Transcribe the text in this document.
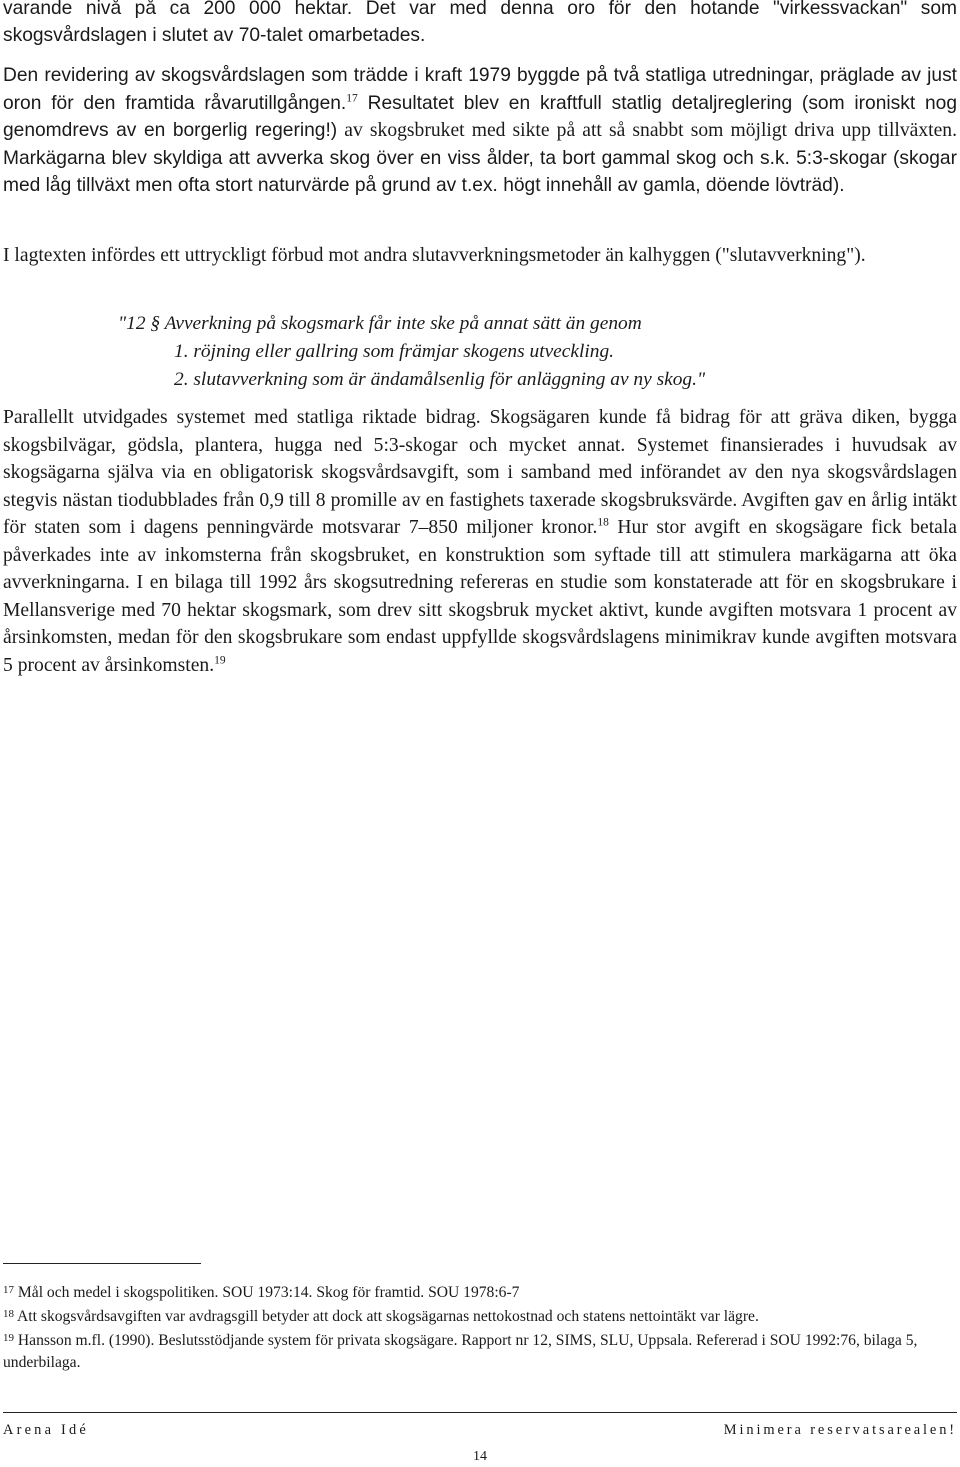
varande nivå på ca 200 000 hektar. Det var med denna oro för den hotande "virkessvackan" som skogsvårdslagen i slutet av 70-talet omarbetades.

Den revidering av skogsvårdslagen som trädde i kraft 1979 byggde på två statliga utredningar, präglade av just oron för den framtida råvarutillgången.$^{17}$ Resultatet blev en kraftfull statlig detaljreglering (som ironiskt nog genomdrevs av en borgerlig regering!) av skogsbruket med sikte på att så snabbt som möjligt driva upp tillväxten. Markägarna blev skyldiga att avverka skog över en viss ålder, ta bort gammal skog och s.k. 5:3-skogar (skogar med låg tillväxt men ofta stort naturvärde på grund av t.ex. högt innehåll av gamla, döende lövträd).

I lagtexten infördes ett uttryckligt förbud mot andra slutavverkningsmetoder än kalhyggen ("slutavverkning").

"12 § Avverkning på skogsmark får inte ske på annat sätt än genom

1. röjning eller gallring som främjar skogens utveckling.
2. slutavverkning som är ändamålsenlig för anläggning av ny skog."

Parallellt utvidgades systemet med statliga riktade bidrag. Skogsägaren kunde få bidrag för att gräva diken, bygga skogsbilvägar, gödsla, plantera, hugga ned 5:3-skogar och mycket annat. Systemet finansierades i huvudsak av skogsägarna själva via en obligatorisk skogsvårdsavgift, som i samband med införandet av den nya skogsvårdslagen stegvis nästan tiodubblades från 0,9 till 8 promille av en fastighets taxerade skogsbruksvärde. Avgiften gav en årlig intäkt för staten som i dagens penningvärde motsvarar 7–850 miljoner kronor.$^{18}$ Hur stor avgift en skogsägare fick betala påverkades inte av inkomsterna från skogsbruket, en konstruktion som syftade till att stimulera markägarna att öka avverkningarna. I en bilaga till 1992 års skogsutredning refereras en studie som konstaterade att för en skogsbrukare i Mellansverige med 70 hektar skogsmark, som drev sitt skogsbruk mycket aktivt, kunde avgiften motsvara 1 procent av årsinkomsten, medan för den skogsbrukare som endast uppfyllde skogsvårdslagens minimikrav kunde avgiften motsvara 5 procent av årsinkomsten.$^{19}$

$^{17}$ Mål och medel i skogspolitiken. SOU 1973:14. Skog för framtid. SOU 1978:6-7

$^{18}$ Att skogsvårdsavgiften var avdragsgill betyder att dock att skogsägarnas nettokostnad och statens nettointäkt var lägre.

$^{19}$ Hansson m.fl. (1990). Beslutsstödjande system för privata skogsägare. Rapport nr 12, SIMS, SLU, Uppsala. Refererad i SOU 1992:76, bilaga 5, underbilaga.

Arena Idé	Minimera reservatsarealen!
14
